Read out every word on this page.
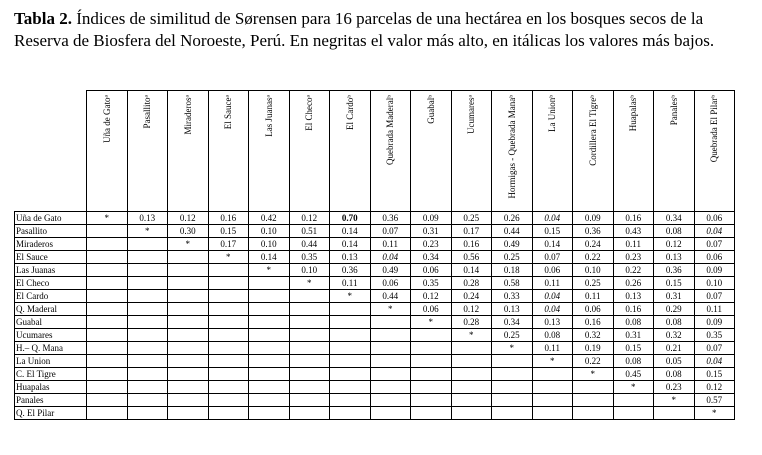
Tabla 2. Índices de similitud de Sørensen para 16 parcelas de una hectárea en los bosques secos de la Reserva de Biosfera del Noroeste, Perú. En negritas el valor más alto, en itálicas los valores más bajos.

	Uña de Gatoᵃ	Pasallitoᵃ	Miraderosᵃ	El Sauceᵃ	Las Juanasᵃ	El Checoᵃ	El Cardoᵇ	Quebrada Maderalᵇ	Guabalᵇ	Ucumaresᵃ	Hormigas - Quebrada Manaᵇ	La Unionᵇ	Cordillera El Tigreᵇ	Huapalasᵇ	Panalesᵇ	Quebrada El Pilarᵇ

Uña de Gato	*	0.13	0.12	0.16	0.42	0.12	0.70	0.36	0.09	0.25	0.26	0.04	0.09	0.16	0.34	0.06
Pasallito		*	0.30	0.15	0.10	0.51	0.14	0.07	0.31	0.17	0.44	0.15	0.36	0.43	0.08	0.04
Miraderos			*	0.17	0.10	0.44	0.14	0.11	0.23	0.16	0.49	0.14	0.24	0.11	0.12	0.07
El Sauce				*	0.14	0.35	0.13	0.04	0.34	0.56	0.25	0.07	0.22	0.23	0.13	0.06
Las Juanas					*	0.10	0.36	0.49	0.06	0.14	0.18	0.06	0.10	0.22	0.36	0.09
El Checo						*	0.11	0.06	0.35	0.28	0.58	0.11	0.25	0.26	0.15	0.10
El Cardo							*	0.44	0.12	0.24	0.33	0.04	0.11	0.13	0.31	0.07
Q. Maderal								*	0.06	0.12	0.13	0.04	0.06	0.16	0.29	0.11
Guabal									*	0.28	0.34	0.13	0.16	0.08	0.08	0.09
Ucumares										*	0.25	0.08	0.32	0.31	0.32	0.35
H.– Q. Mana											*	0.11	0.19	0.15	0.21	0.07
La Union												*	0.22	0.08	0.05	0.04
C. El Tigre													*	0.45	0.08	0.15
Huapalas														*	0.23	0.12
Panales															*	0.57
Q. El Pilar																*
